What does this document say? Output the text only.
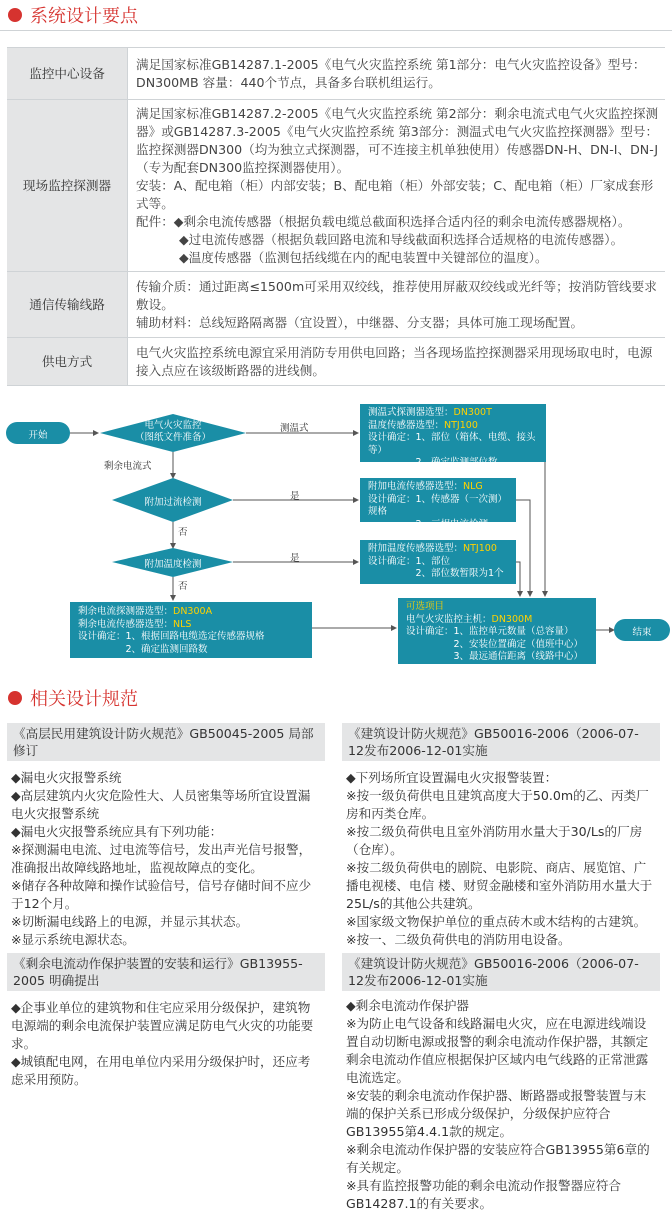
系统设计要点
监控中心设备	满足国家标准GB14287.1-2005《电气火灾监控系统 第1部分：电气火灾监控设备》型号：DN300MB 容量：440个节点，具备多台联机组运行。

现场监控探测器	满足国家标准GB14287.2-2005《电气火灾监控系统 第2部分：剩余电流式电气火灾监控探测器》或GB14287.3-2005《电气火灾监控系统 第3部分：测温式电气火灾监控探测器》型号：监控探测器DN300（均为独立式探测器，可不连接主机单独使用）传感器DN-H、DN-I、DN-J（专为配套DN300监控探测器使用）。
安装：A、配电箱（柜）内部安装；B、配电箱（柜）外部安装；C、配电箱（柜）厂家成套形式等。
配件：◆剩余电流传感器（根据负载电缆总截面积选择合适内径的剩余电流传感器规格）。
◆过电流传感器（根据负载回路电流和导线截面积选择合适规格的电流传感器）。
◆温度传感器（监测包括线缆在内的配电装置中关键部位的温度）。

通信传输线路	传输介质：通过距离≤1500m可采用双绞线，推荐使用屏蔽双绞线或光纤等；按消防管线要求敷设。
辅助材料：总线短路隔离器（宜设置），中继器、分支器；具体可施工现场配置。

供电方式	电气火灾监控系统电源宜采用消防专用供电回路；当各现场监控探测器采用现场取电时，电源接入点应在该级断路器的进线侧。
开始
结束
电气火灾监控
（图纸文件准备）
附加过流检测
附加温度检测
测温式
剩余电流式
是
是
否
否
测温式探测器选型：DN300T
温度传感器选型：NTJ100
设计确定：1、部位（箱体、电缆、接头等）
　　　　　2、确定监测部位数
附加电流传感器选型：NLG
设计确定：1、传感器（一次测）规格
　　　　　2、三相电流检测
附加温度传感器选型：NTJ100
设计确定：1、部位
　　　　　2、部位数暂限为1个
剩余电流探测器选型：DN300A
剩余电流传感器选型：NLS
设计确定：1、根据回路电缆选定传感器规格
　　　　　2、确定监测回路数
可选项目
电气火灾监控主机：DN300M
设计确定：1、监控单元数量（总容量）
　　　　　2、安装位置确定（值班中心）
　　　　　3、最远通信距离（线路中心）
相关设计规范
《高层民用建筑设计防火规范》GB50045-2005 局部修订
◆漏电火灾报警系统
◆高层建筑内火灾危险性大、人员密集等场所宜设置漏电火灾报警系统
◆漏电火灾报警系统应具有下列功能：
※探测漏电电流、过电流等信号，发出声光信号报警，准确报出故障线路地址，监视故障点的变化。
※储存各种故障和操作试验信号，信号存储时间不应少于12个月。
※切断漏电线路上的电源，并显示其状态。
※显示系统电源状态。
《建筑设计防火规范》GB50016-2006（2006-07-12发布2006-12-01实施
◆下列场所宜设置漏电火灾报警装置：
※按一级负荷供电且建筑高度大于50.0m的乙、丙类厂房和丙类仓库。
※按二级负荷供电且室外消防用水量大于30/Ls的厂房（仓库）。
※按二级负荷供电的剧院、电影院、商店、展览馆、广播电视楼、电信 楼、财贸金融楼和室外消防用水量大于25L/s的其他公共建筑。
※国家级文物保护单位的重点砖木或木结构的古建筑。
※按一、二级负荷供电的消防用电设备。
《剩余电流动作保护装置的安装和运行》GB13955-2005 明确提出
◆企事业单位的建筑物和住宅应采用分级保护，建筑物电源端的剩余电流保护装置应满足防电气火灾的功能要求。
◆城镇配电网，在用电单位内采用分级保护时，还应考虑采用预防。
《建筑设计防火规范》GB50016-2006（2006-07-12发布2006-12-01实施
◆剩余电流动作保护器
※为防止电气设备和线路漏电火灾，应在电源进线端设置自动切断电源或报警的剩余电流动作保护器，其额定剩余电流动作值应根据保护区域内电气线路的正常泄露电流选定。
※安装的剩余电流动作保护器、断路器或报警装置与末端的保护关系已形成分级保护，分级保护应符合GB13955第4.4.1款的规定。
※剩余电流动作保护器的安装应符合GB13955第6章的有关规定。
※具有监控报警功能的剩余电流动作报警器应符合GB14287.1的有关要求。
